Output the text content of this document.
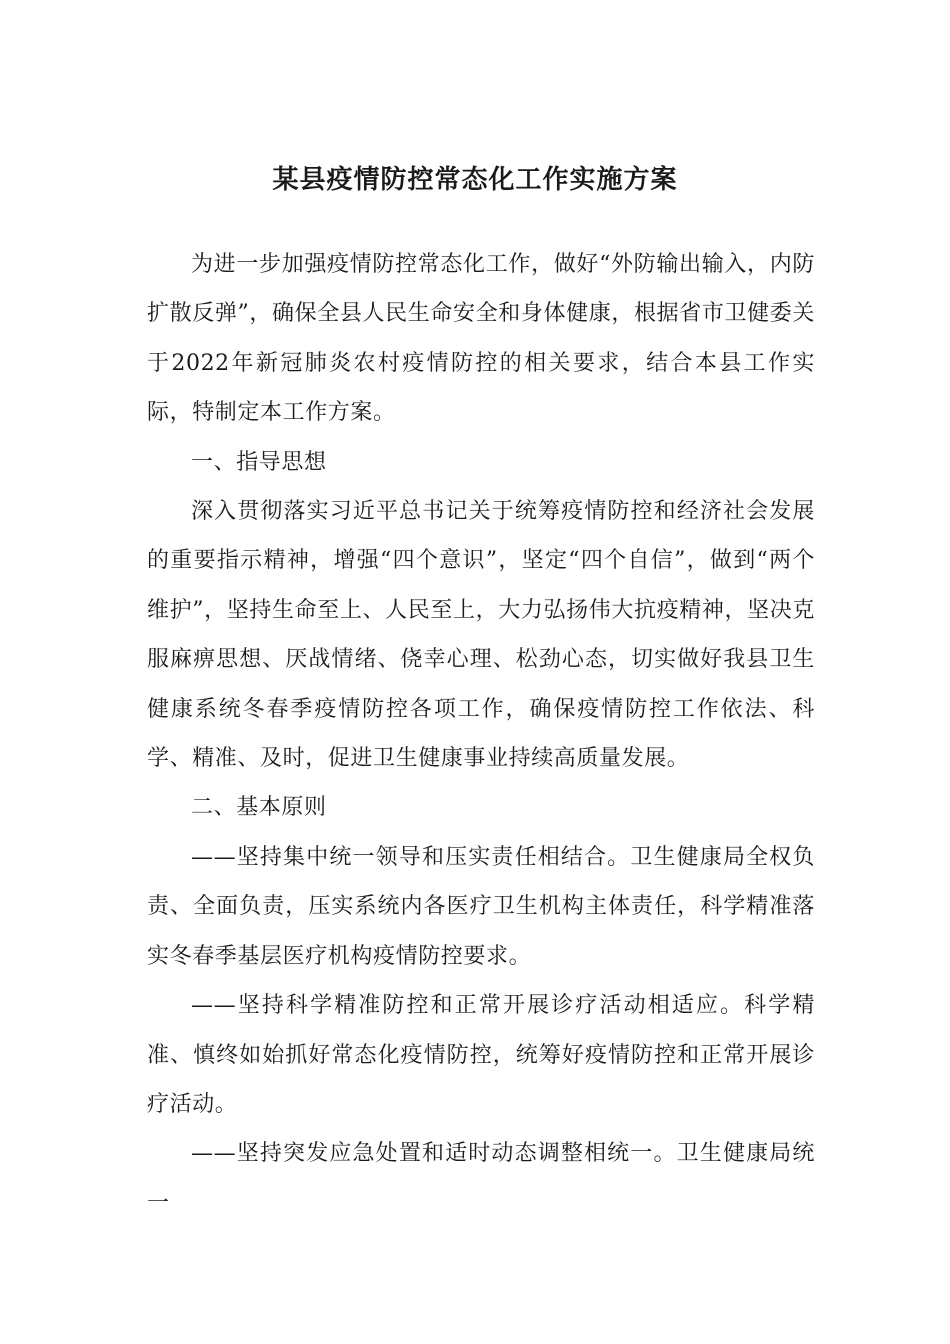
某县疫情防控常态化工作实施方案

为进一步加强疫情防控常态化工作，做好“外防输出输入，内防扩散反弹”，确保全县人民生命安全和身体健康，根据省市卫健委关于2022年新冠肺炎农村疫情防控的相关要求，结合本县工作实际，特制定本工作方案。

一、指导思想

深入贯彻落实习近平总书记关于统筹疫情防控和经济社会发展的重要指示精神，增强“四个意识”，坚定“四个自信”，做到“两个维护”，坚持生命至上、人民至上，大力弘扬伟大抗疫精神，坚决克服麻痹思想、厌战情绪、侥幸心理、松劲心态，切实做好我县卫生健康系统冬春季疫情防控各项工作，确保疫情防控工作依法、科学、精准、及时，促进卫生健康事业持续高质量发展。

二、基本原则

——坚持集中统一领导和压实责任相结合。卫生健康局全权负责、全面负责，压实系统内各医疗卫生机构主体责任，科学精准落实冬春季基层医疗机构疫情防控要求。

——坚持科学精准防控和正常开展诊疗活动相适应。科学精准、慎终如始抓好常态化疫情防控，统筹好疫情防控和正常开展诊疗活动。

——坚持突发应急处置和适时动态调整相统一。卫生健康局统一
